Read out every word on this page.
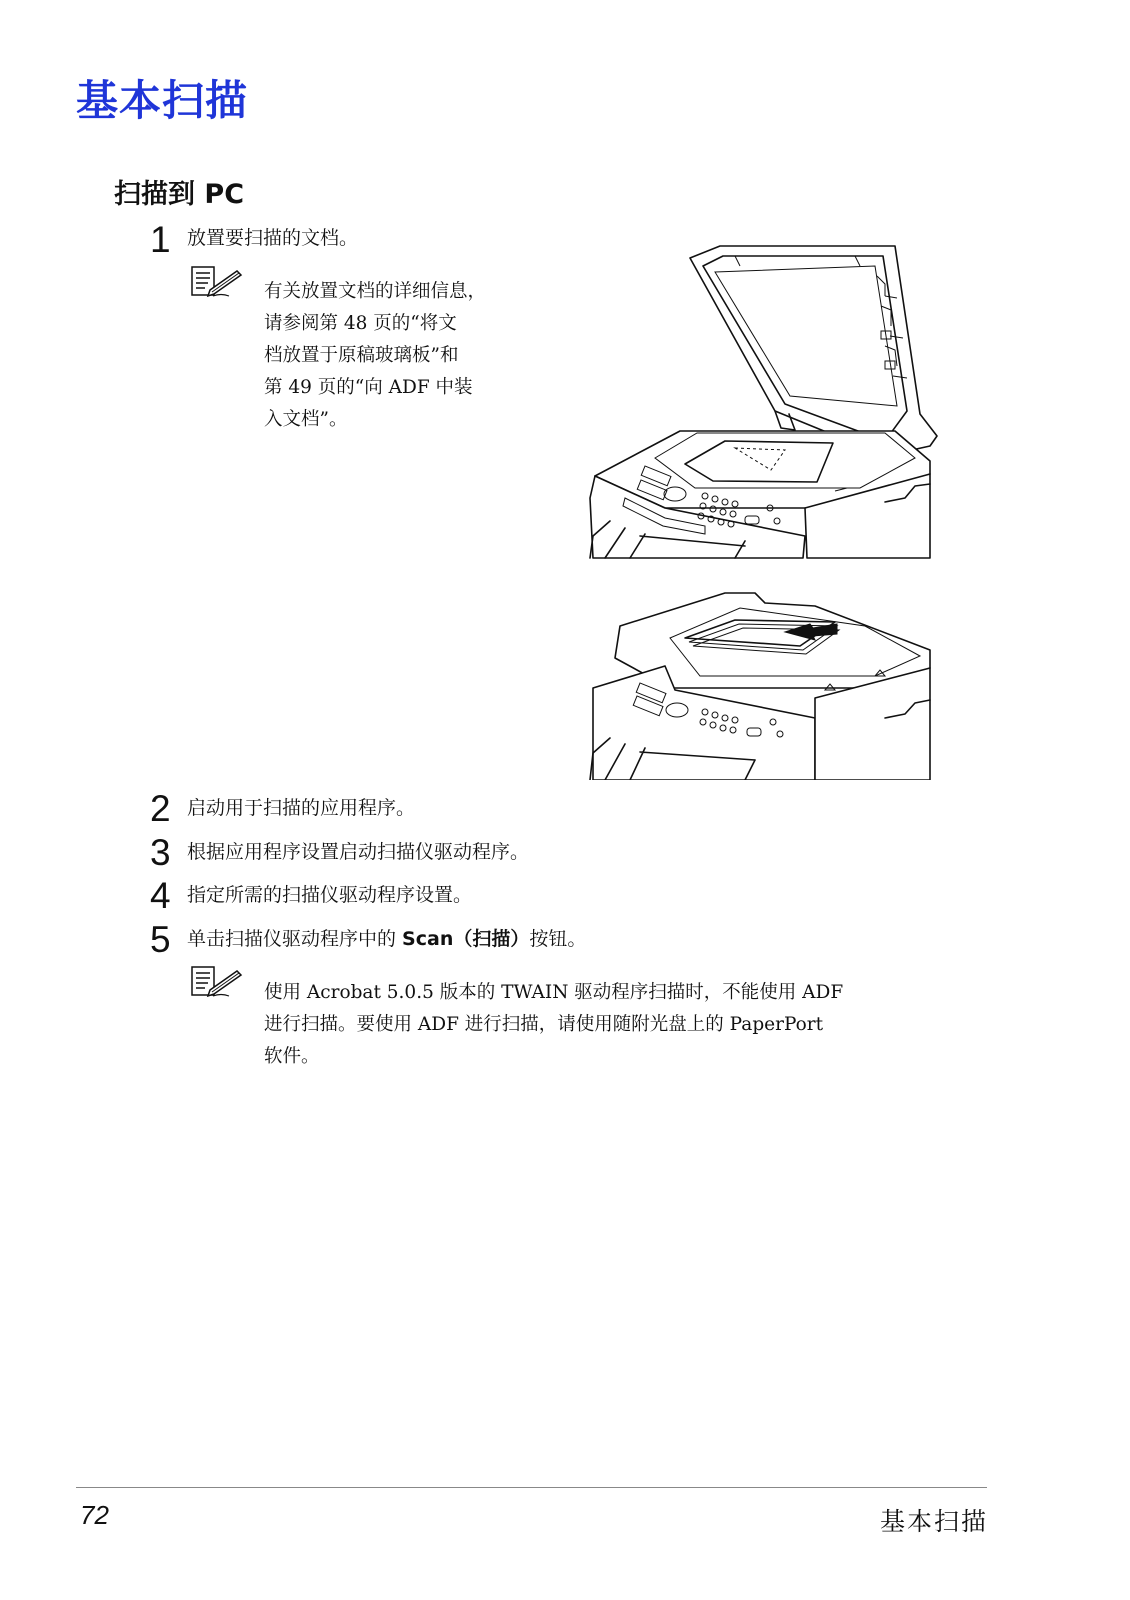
基本扫描
扫描到 PC
1 放置要扫描的文档。
有关放置文档的详细信息，
请参阅第 48 页的“将文
档放置于原稿玻璃板”和
第 49 页的“向 ADF 中装
入文档”。
2 启动用于扫描的应用程序。
3 根据应用程序设置启动扫描仪驱动程序。
4 指定所需的扫描仪驱动程序设置。
5 单击扫描仪驱动程序中的 Scan（扫描）按钮。
使用 Acrobat 5.0.5 版本的 TWAIN 驱动程序扫描时，不能使用 ADF
进行扫描。要使用 ADF 进行扫描，请使用随附光盘上的 PaperPort
软件。
72	基本扫描
